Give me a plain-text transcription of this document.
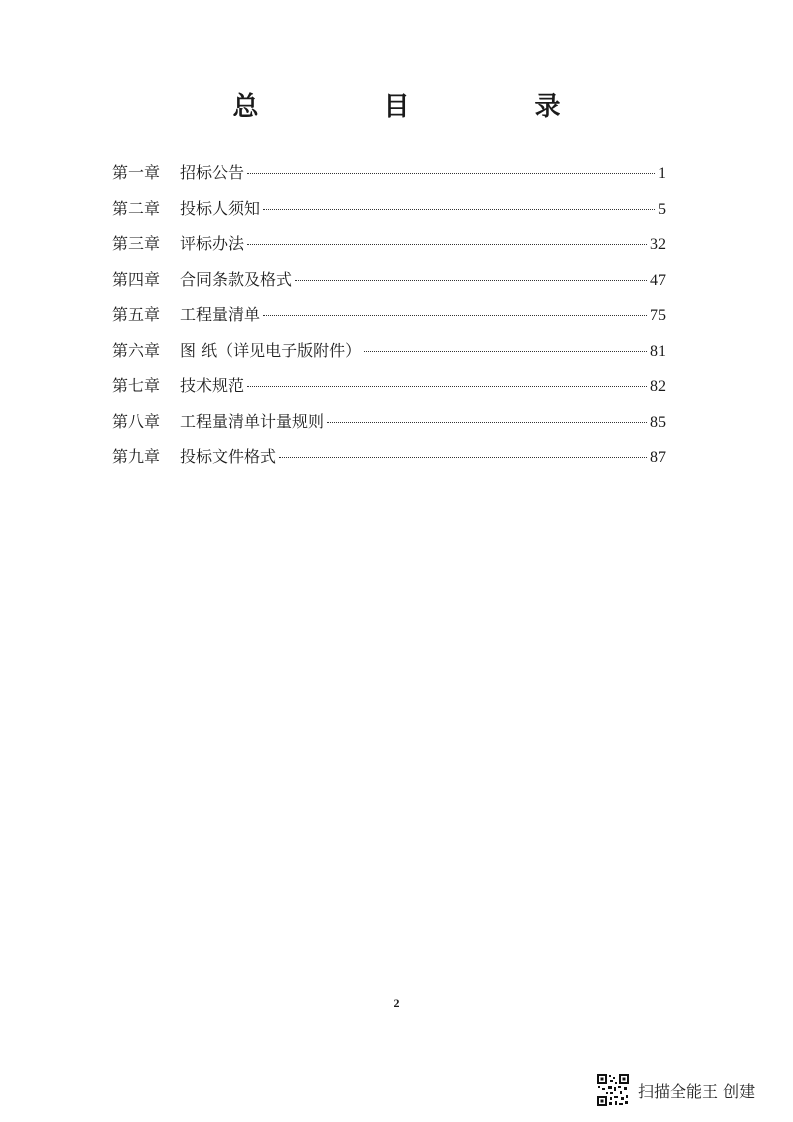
总 目 录
第一章	招标公告	1
第二章	投标人须知	5
第三章	评标办法	32
第四章	合同条款及格式	47
第五章	工程量清单	75
第六章	图 纸（详见电子版附件）	81
第七章	技术规范	82
第八章	工程量清单计量规则	85
第九章	投标文件格式	87
2
扫描全能王 创建
